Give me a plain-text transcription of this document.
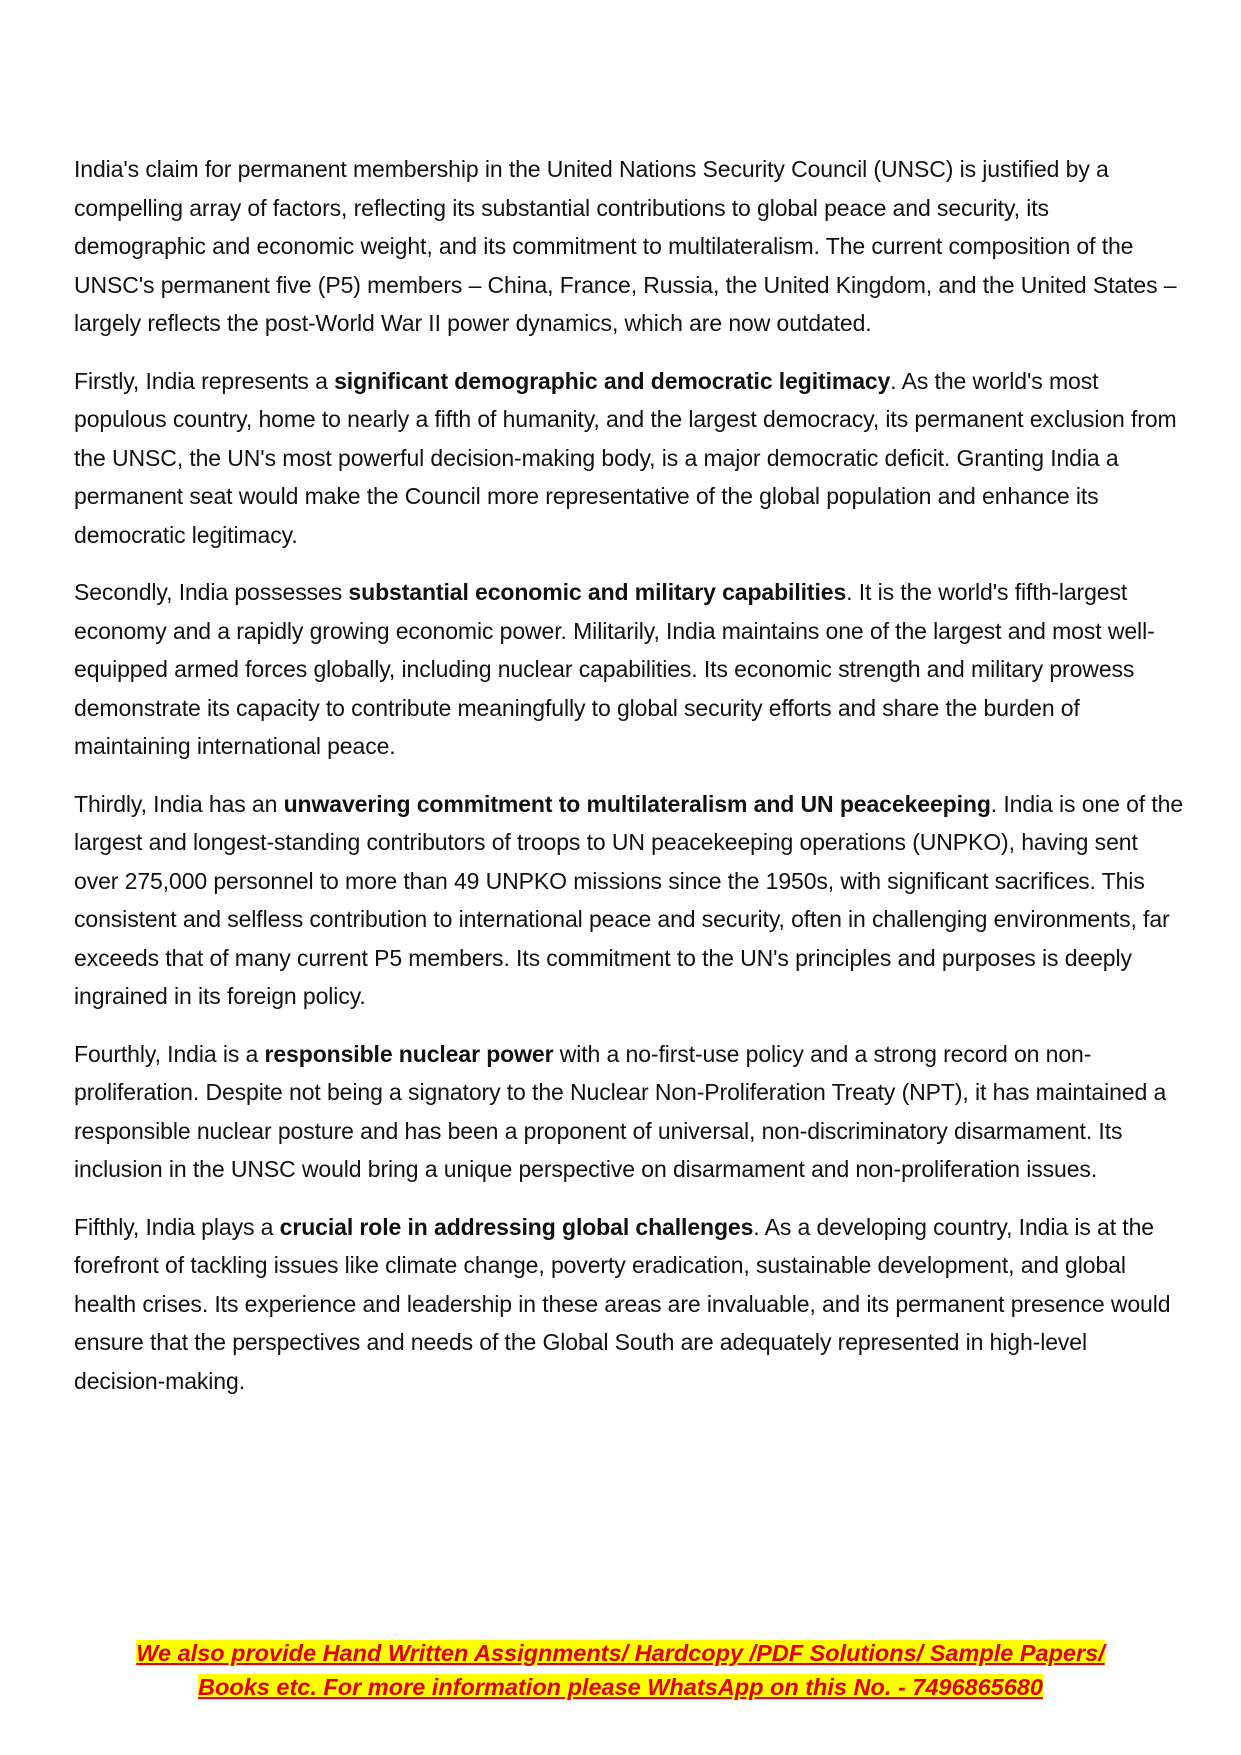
India's claim for permanent membership in the United Nations Security Council (UNSC) is justified by a compelling array of factors, reflecting its substantial contributions to global peace and security, its demographic and economic weight, and its commitment to multilateralism. The current composition of the UNSC's permanent five (P5) members – China, France, Russia, the United Kingdom, and the United States – largely reflects the post-World War II power dynamics, which are now outdated.

Firstly, India represents a significant demographic and democratic legitimacy. As the world's most populous country, home to nearly a fifth of humanity, and the largest democracy, its permanent exclusion from the UNSC, the UN's most powerful decision-making body, is a major democratic deficit. Granting India a permanent seat would make the Council more representative of the global population and enhance its democratic legitimacy.

Secondly, India possesses substantial economic and military capabilities. It is the world's fifth-largest economy and a rapidly growing economic power. Militarily, India maintains one of the largest and most well-equipped armed forces globally, including nuclear capabilities. Its economic strength and military prowess demonstrate its capacity to contribute meaningfully to global security efforts and share the burden of maintaining international peace.

Thirdly, India has an unwavering commitment to multilateralism and UN peacekeeping. India is one of the largest and longest-standing contributors of troops to UN peacekeeping operations (UNPKO), having sent over 275,000 personnel to more than 49 UNPKO missions since the 1950s, with significant sacrifices. This consistent and selfless contribution to international peace and security, often in challenging environments, far exceeds that of many current P5 members. Its commitment to the UN's principles and purposes is deeply ingrained in its foreign policy.

Fourthly, India is a responsible nuclear power with a no-first-use policy and a strong record on non-proliferation. Despite not being a signatory to the Nuclear Non-Proliferation Treaty (NPT), it has maintained a responsible nuclear posture and has been a proponent of universal, non-discriminatory disarmament. Its inclusion in the UNSC would bring a unique perspective on disarmament and non-proliferation issues.

Fifthly, India plays a crucial role in addressing global challenges. As a developing country, India is at the forefront of tackling issues like climate change, poverty eradication, sustainable development, and global health crises. Its experience and leadership in these areas are invaluable, and its permanent presence would ensure that the perspectives and needs of the Global South are adequately represented in high-level decision-making.

We also provide Hand Written Assignments/ Hardcopy /PDF Solutions/ Sample Papers/
Books etc. For more information please WhatsApp on this No. - 7496865680
